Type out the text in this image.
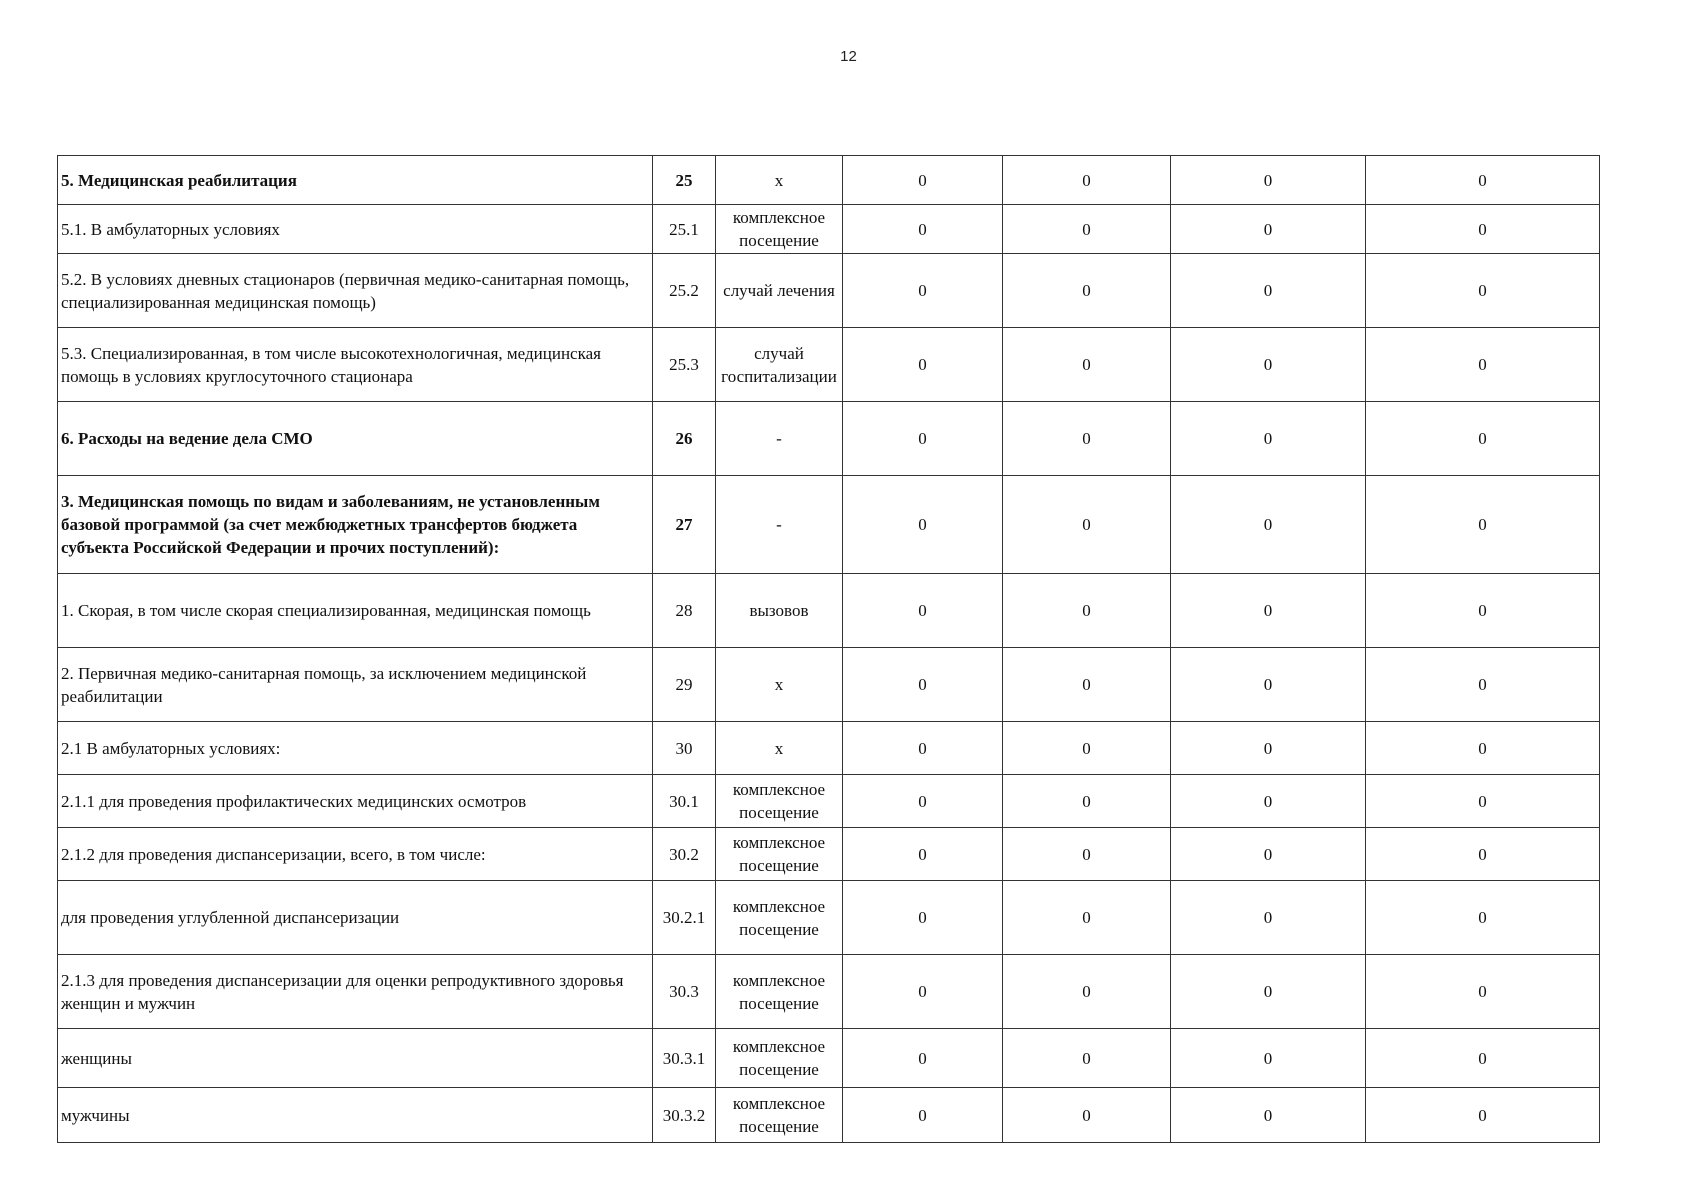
12
5. Медицинская реабилитация	25	х	0	0	0	0
5.1. В амбулаторных условиях	25.1	комплексное посещение	0	0	0	0
5.2. В условиях дневных стационаров (первичная медико-санитарная помощь, специализированная медицинская помощь)	25.2	случай лечения	0	0	0	0
5.3. Специализированная, в том числе высокотехнологичная, медицинская помощь в условиях круглосуточного стационара	25.3	случай госпитализации	0	0	0	0
6. Расходы на ведение дела СМО	26	-	0	0	0	0
3. Медицинская помощь по видам и заболеваниям, не установленным базовой программой (за счет межбюджетных трансфертов бюджета субъекта Российской Федерации и прочих поступлений):	27	-	0	0	0	0
1. Скорая, в том числе скорая специализированная, медицинская помощь	28	вызовов	0	0	0	0
2. Первичная медико-санитарная помощь, за исключением медицинской реабилитации	29	х	0	0	0	0
2.1 В амбулаторных условиях:	30	х	0	0	0	0
2.1.1 для проведения профилактических медицинских осмотров	30.1	комплексное посещение	0	0	0	0
2.1.2 для проведения диспансеризации, всего, в том числе:	30.2	комплексное посещение	0	0	0	0
для проведения углубленной диспансеризации	30.2.1	комплексное посещение	0	0	0	0
2.1.3 для проведения диспансеризации для оценки репродуктивного здоровья женщин и мужчин	30.3	комплексное посещение	0	0	0	0
женщины	30.3.1	комплексное посещение	0	0	0	0
мужчины	30.3.2	комплексное посещение	0	0	0	0
